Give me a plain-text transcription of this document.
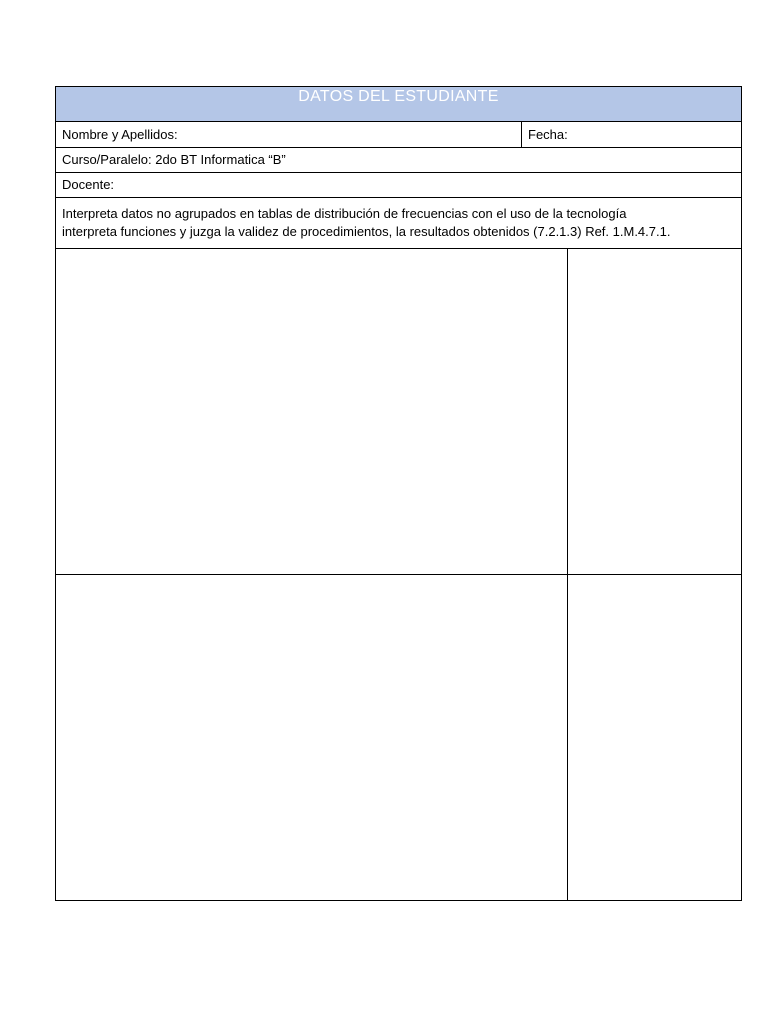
DATOS DEL ESTUDIANTE
Nombre y Apellidos:	Fecha:
Curso/Paralelo: 2do BT Informatica “B”
Docente:

Interpreta datos no agrupados en tablas de distribución de frecuencias con el uso de la tecnología
interpreta funciones y juzga la validez de procedimientos, la resultados obtenidos (7.2.1.3) Ref. 1.M.4.7.1.
